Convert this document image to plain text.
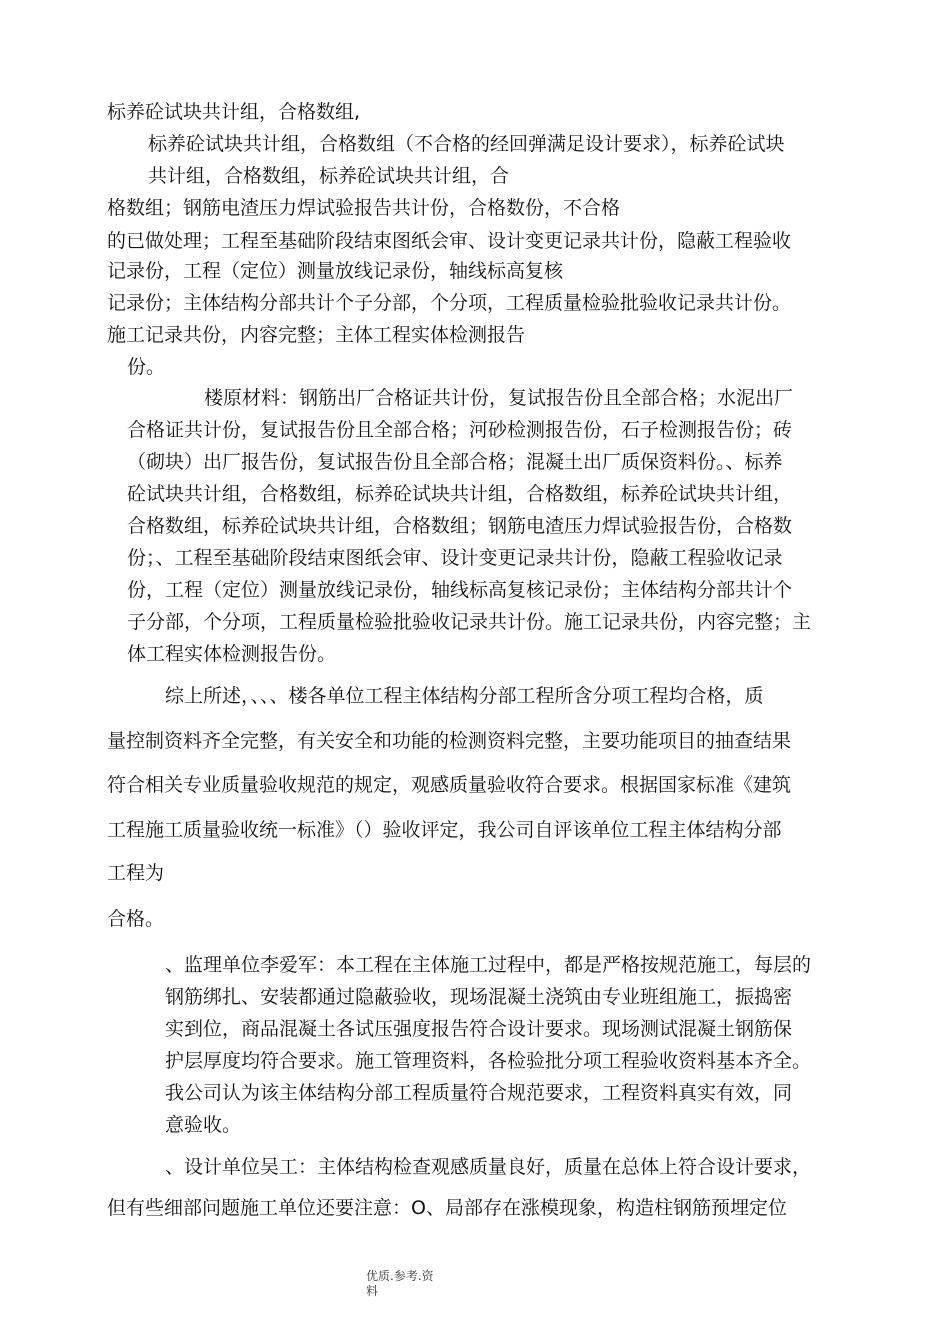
标养砼试块共计组，合格数组,
标养砼试块共计组，合格数组（不合格的经回弹满足设计要求），标养砼试块
共计组，合格数组，标养砼试块共计组，合
格数组；钢筋电渣压力焊试验报告共计份，合格数份，不合格
的已做处理；工程至基础阶段结束图纸会审、设计变更记录共计份，隐蔽工程验收
记录份，工程（定位）测量放线记录份，轴线标高复核
记录份；主体结构分部共计个子分部，个分项，工程质量检验批验收记录共计份。
施工记录共份，内容完整；主体工程实体检测报告
份。
楼原材料：钢筋出厂合格证共计份，复试报告份且全部合格；水泥出厂
合格证共计份，复试报告份且全部合格；河砂检测报告份，石子检测报告份；砖
（砌块）出厂报告份，复试报告份且全部合格；混凝土出厂质保资料份。、标养
砼试块共计组，合格数组，标养砼试块共计组，合格数组，标养砼试块共计组，
合格数组，标养砼试块共计组，合格数组；钢筋电渣压力焊试验报告份，合格数
份；、工程至基础阶段结束图纸会审、设计变更记录共计份，隐蔽工程验收记录
份，工程（定位）测量放线记录份，轴线标高复核记录份；主体结构分部共计个
子分部，个分项，工程质量检验批验收记录共计份。施工记录共份，内容完整；主
体工程实体检测报告份。
综上所述，、、、楼各单位工程主体结构分部工程所含分项工程均合格，质
量控制资料齐全完整，有关安全和功能的检测资料完整，主要功能项目的抽查结果
符合相关专业质量验收规范的规定，观感质量验收符合要求。根据国家标准《建筑
工程施工质量验收统一标准》（）验收评定，我公司自评该单位工程主体结构分部
工程为
合格。
、监理单位李爱军：本工程在主体施工过程中，都是严格按规范施工，每层的
钢筋绑扎、安装都通过隐蔽验收，现场混凝土浇筑由专业班组施工，振捣密
实到位，商品混凝土各试压强度报告符合设计要求。现场测试混凝土钢筋保
护层厚度均符合要求。施工管理资料，各检验批分项工程验收资料基本齐全。
我公司认为该主体结构分部工程质量符合规范要求，工程资料真实有效，同
意验收。
、设计单位吴工：主体结构检查观感质量良好，质量在总体上符合设计要求，
但有些细部问题施工单位还要注意：O、局部存在涨模现象，构造柱钢筋预埋定位
优质.参考.资
料
